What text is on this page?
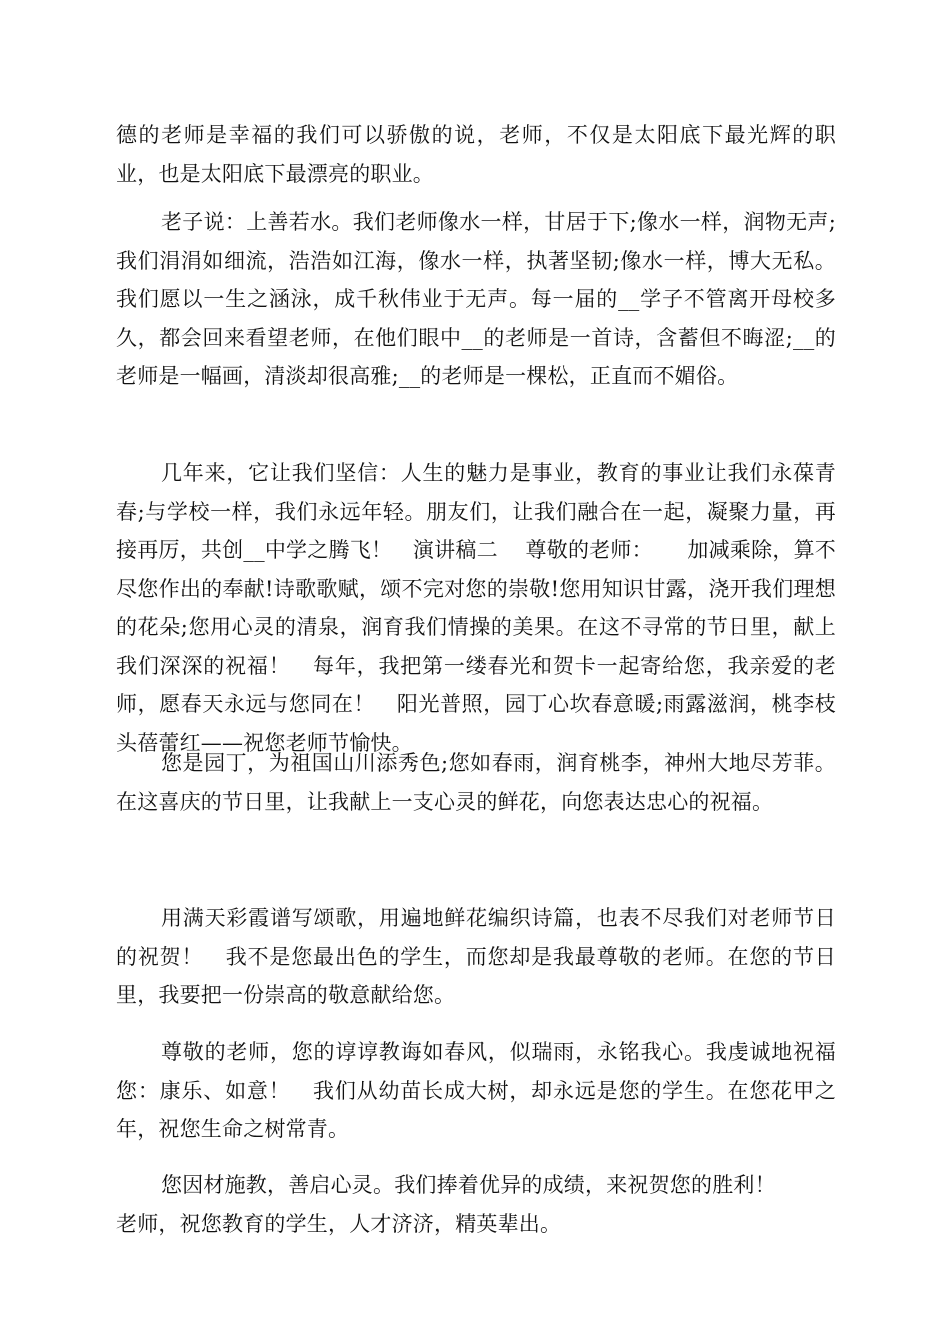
德的老师是幸福的我们可以骄傲的说，老师，不仅是太阳底下最光辉的职业，也是太阳底下最漂亮的职业。

老子说：上善若水。我们老师像水一样，甘居于下;像水一样，润物无声;我们涓涓如细流，浩浩如江海，像水一样，执著坚韧;像水一样，博大无私。我们愿以一生之涵泳，成千秋伟业于无声。每一届的__学子不管离开母校多久，都会回来看望老师，在他们眼中__的老师是一首诗，含蓄但不晦涩;__的老师是一幅画，清淡却很高雅;__的老师是一棵松，正直而不媚俗。

几年来，它让我们坚信：人生的魅力是事业，教育的事业让我们永葆青春;与学校一样，我们永远年轻。朋友们，让我们融合在一起，凝聚力量，再接再厉，共创__中学之腾飞！   演讲稿二    尊敬的老师：     加减乘除，算不尽您作出的奉献!诗歌歌赋，颂不完对您的崇敬!您用知识甘露，浇开我们理想的花朵;您用心灵的清泉，润育我们情操的美果。在这不寻常的节日里，献上我们深深的祝福！   每年，我把第一缕春光和贺卡一起寄给您，我亲爱的老师，愿春天永远与您同在！   阳光普照，园丁心坎春意暖;雨露滋润，桃李枝头蓓蕾红——祝您老师节愉快。

您是园丁，为祖国山川添秀色;您如春雨，润育桃李，神州大地尽芳菲。在这喜庆的节日里，让我献上一支心灵的鲜花，向您表达忠心的祝福。

用满天彩霞谱写颂歌，用遍地鲜花编织诗篇，也表不尽我们对老师节日的祝贺！   我不是您最出色的学生，而您却是我最尊敬的老师。在您的节日里，我要把一份崇高的敬意献给您。

尊敬的老师，您的谆谆教诲如春风，似瑞雨，永铭我心。我虔诚地祝福您：康乐、如意！   我们从幼苗长成大树，却永远是您的学生。在您花甲之年，祝您生命之树常青。

您因材施教，善启心灵。我们捧着优异的成绩，来祝贺您的胜利！
老师，祝您教育的学生，人才济济，精英辈出。
